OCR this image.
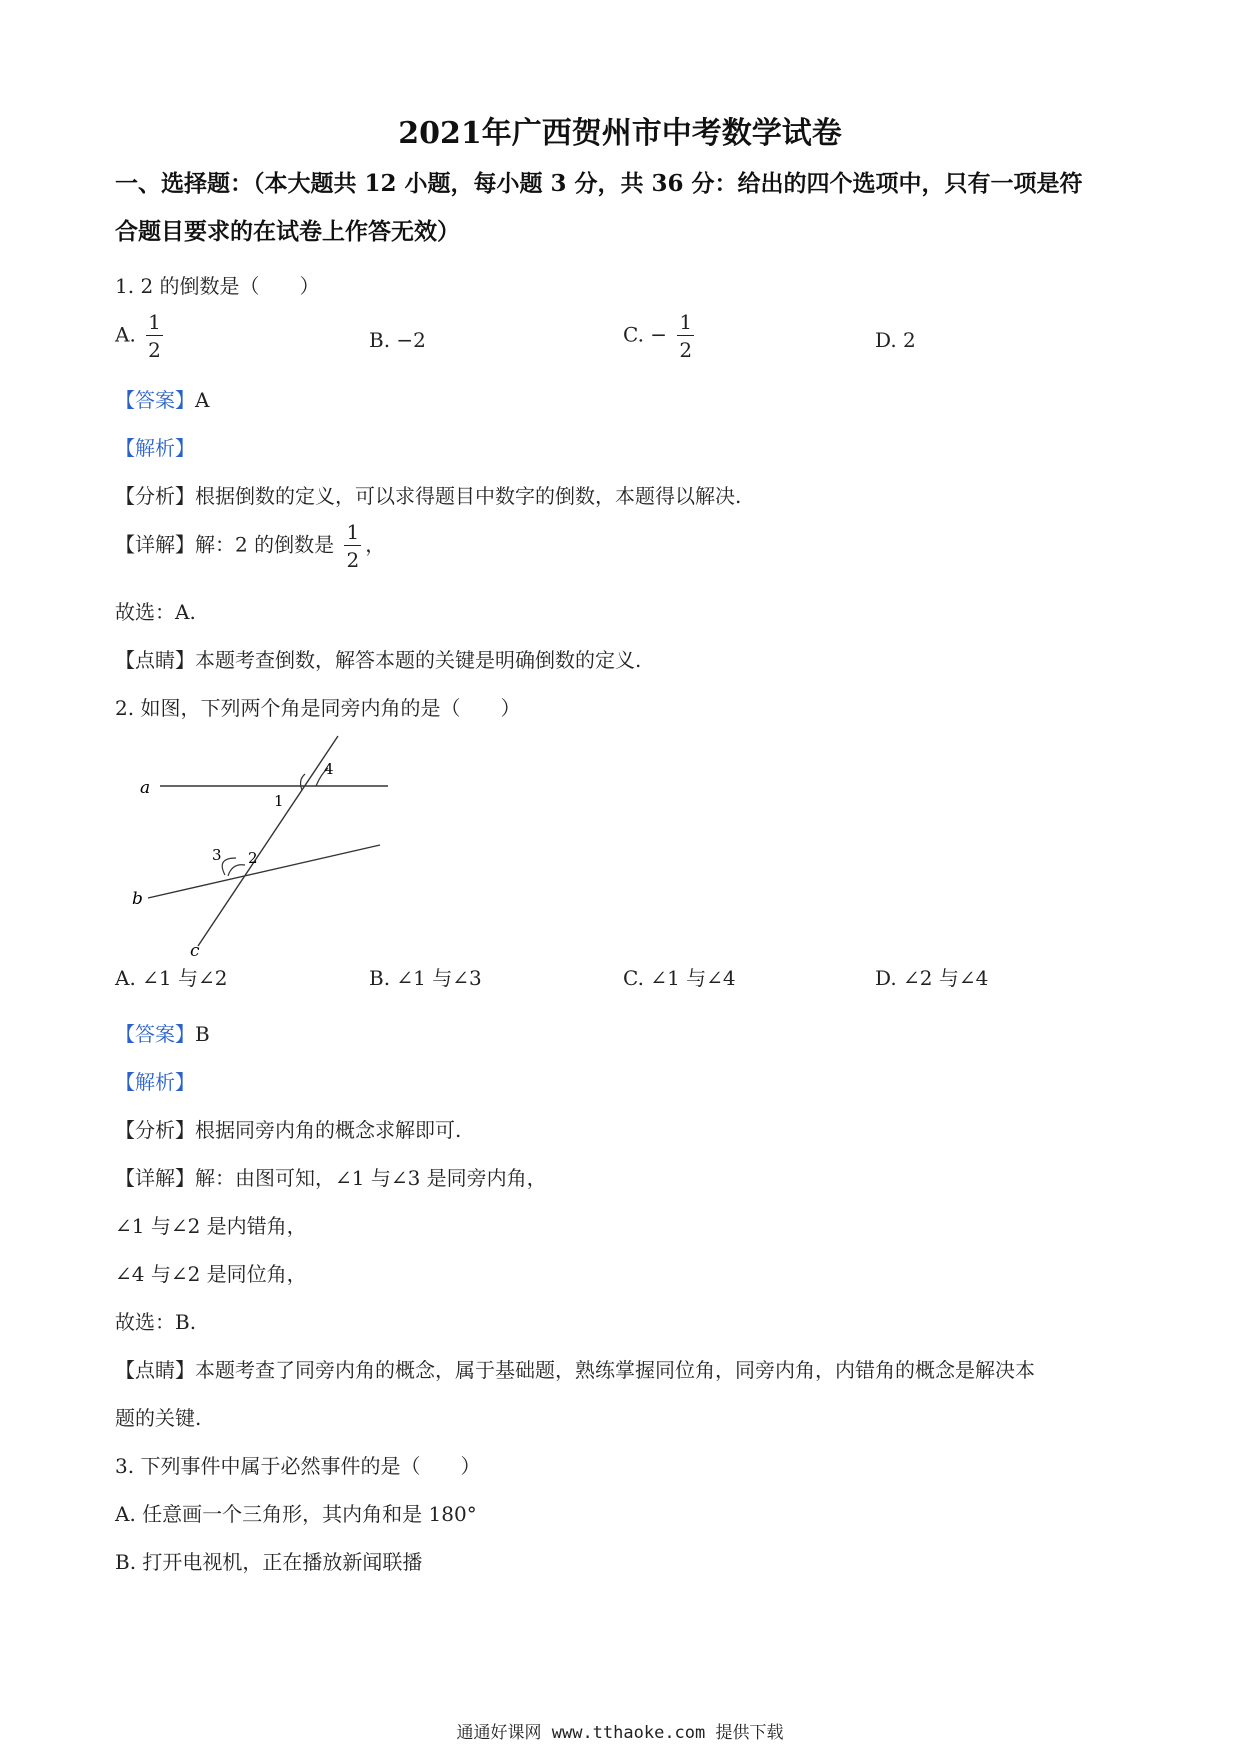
2021年广西贺州市中考数学试卷
一、选择题：（本大题共 12 小题，每小题 3 分，共 36 分：给出的四个选项中，只有一项是符
合题目要求的在试卷上作答无效）
1. 2 的倒数是（　　）
A. $\frac{1}{2}$	B. −2	C. − $\frac{1}{2}$	D. 2
【答案】A
【解析】
【分析】根据倒数的定义，可以求得题目中数字的倒数，本题得以解决.
【详解】解：2 的倒数是 $\frac{1}{2}$ ，
故选：A.
【点睛】本题考查倒数，解答本题的关键是明确倒数的定义.
2. 如图，下列两个角是同旁内角的是（　　）
a
b
c
1
4
3 2
A. ∠1 与∠2	B. ∠1 与∠3	C. ∠1 与∠4	D. ∠2 与∠4
【答案】B
【解析】
【分析】根据同旁内角的概念求解即可.
【详解】解：由图可知，∠1 与∠3 是同旁内角，
∠1 与∠2 是内错角，
∠4 与∠2 是同位角，
故选：B.
【点睛】本题考查了同旁内角的概念，属于基础题，熟练掌握同位角，同旁内角，内错角的概念是解决本
题的关键.
3. 下列事件中属于必然事件的是（　　）
A. 任意画一个三角形，其内角和是 180°
B. 打开电视机，正在播放新闻联播
通通好课网 www.tthaoke.com 提供下载
